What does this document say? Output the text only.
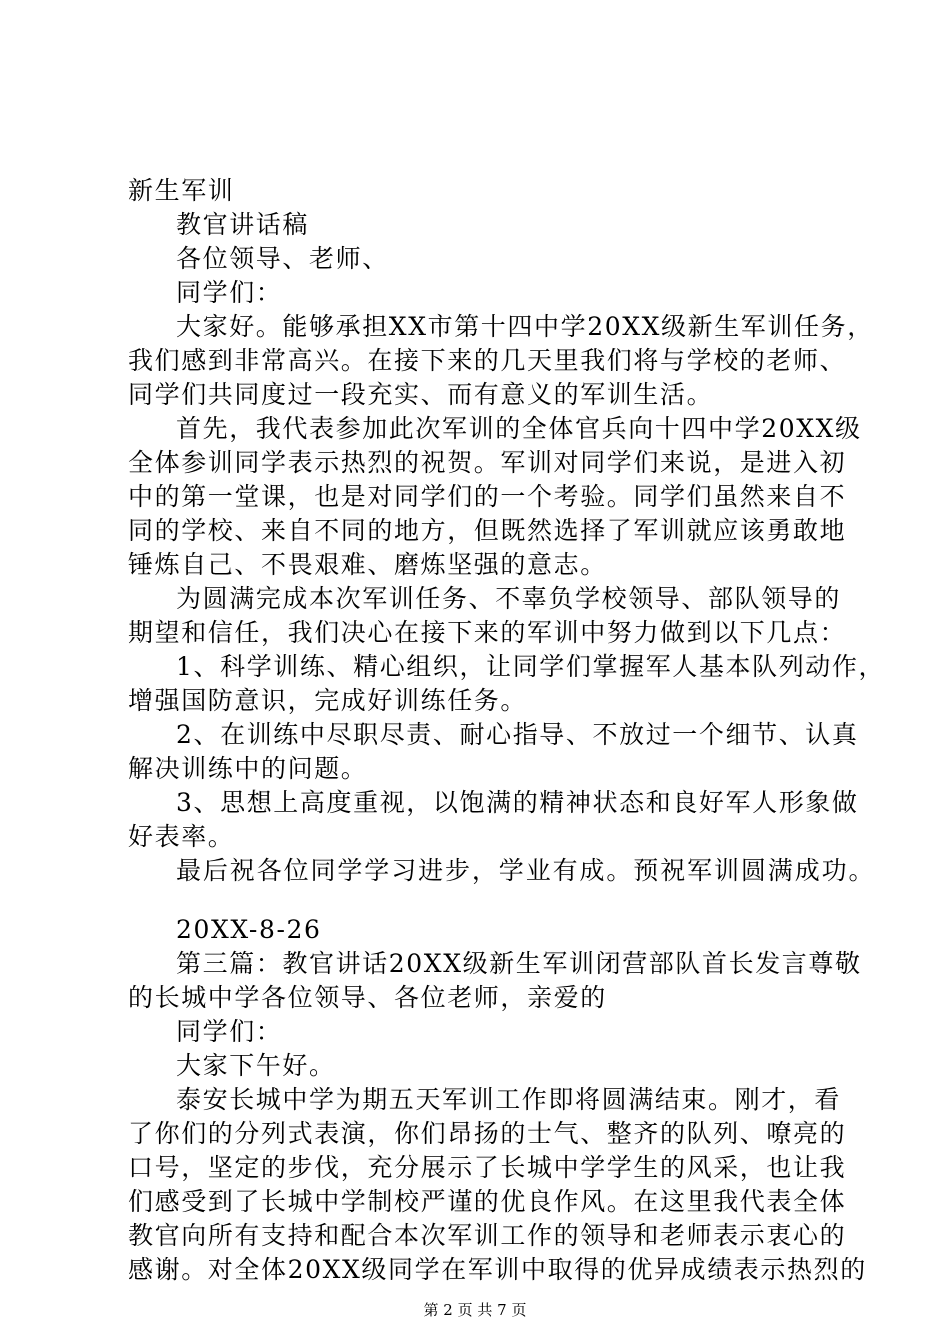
新生军训
教官讲话稿
各位领导、老师、
同学们：
大家好。能够承担XX市第十四中学20XX级新生军训任务，
我们感到非常高兴。在接下来的几天里我们将与学校的老师、
同学们共同度过一段充实、而有意义的军训生活。
首先，我代表参加此次军训的全体官兵向十四中学20XX级
全体参训同学表示热烈的祝贺。军训对同学们来说，是进入初
中的第一堂课，也是对同学们的一个考验。同学们虽然来自不
同的学校、来自不同的地方，但既然选择了军训就应该勇敢地
锤炼自己、不畏艰难、磨炼坚强的意志。
为圆满完成本次军训任务、不辜负学校领导、部队领导的
期望和信任，我们决心在接下来的军训中努力做到以下几点：
1、科学训练、精心组织，让同学们掌握军人基本队列动作，
增强国防意识，完成好训练任务。
2、在训练中尽职尽责、耐心指导、不放过一个细节、认真
解决训练中的问题。
3、思想上高度重视，以饱满的精神状态和良好军人形象做
好表率。
最后祝各位同学学习进步，学业有成。预祝军训圆满成功。
20XX-8-26
第三篇：教官讲话20XX级新生军训闭营部队首长发言尊敬
的长城中学各位领导、各位老师，亲爱的
同学们：
大家下午好。
泰安长城中学为期五天军训工作即将圆满结束。刚才，看
了你们的分列式表演，你们昂扬的士气、整齐的队列、嘹亮的
口号，坚定的步伐，充分展示了长城中学学生的风采，也让我
们感受到了长城中学制校严谨的优良作风。在这里我代表全体
教官向所有支持和配合本次军训工作的领导和老师表示衷心的
感谢。对全体20XX级同学在军训中取得的优异成绩表示热烈的
第 2 页 共 7 页
